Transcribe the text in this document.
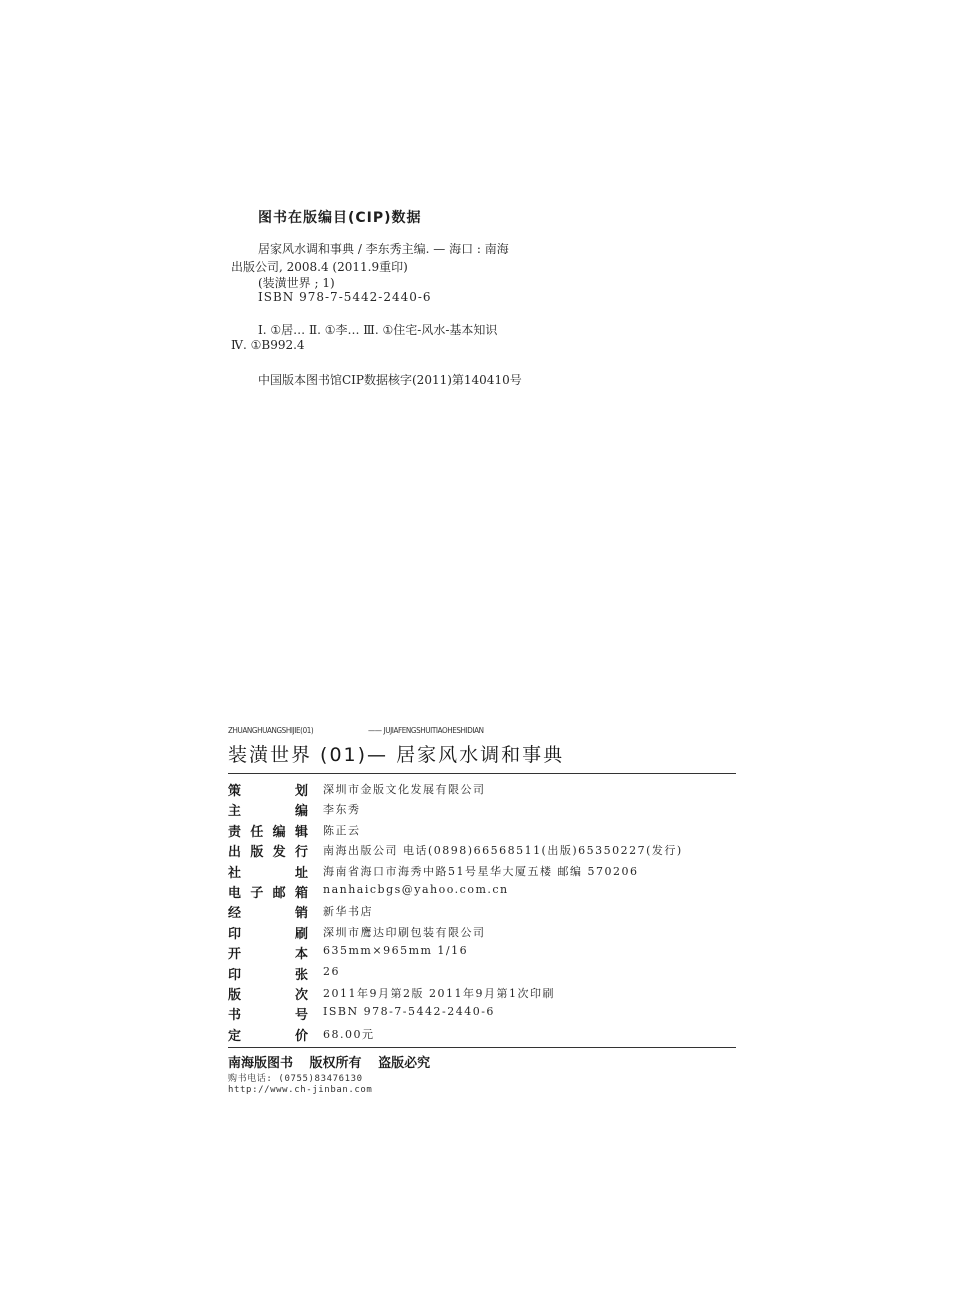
图书在版编目(CIP)数据
居家风水调和事典 / 李东秀主编. — 海口 : 南海
出版公司, 2008.4 (2011.9重印)
(装潢世界 ; 1)
ISBN 978-7-5442-2440-6
Ⅰ. ①居… Ⅱ. ①李… Ⅲ. ①住宅-风水-基本知识
Ⅳ. ①B992.4
中国版本图书馆CIP数据核字(2011)第140410号
ZHUANGHUANGSHIJIE(01)	—— JUJIAFENGSHUITIAOHESHIDIAN
装潢世界 (01)— 居家风水调和事典
策划 深圳市金版文化发展有限公司
主编 李东秀
责任编辑 陈正云
出版发行 南海出版公司 电话(0898)66568511(出版)65350227(发行)
社址 海南省海口市海秀中路51号星华大厦五楼 邮编 570206
电子邮箱 nanhaicbgs@yahoo.com.cn
经销 新华书店
印刷 深圳市鹰达印刷包装有限公司
开本 635mm×965mm 1/16
印张 26
版次 2011年9月第2版 2011年9月第1次印刷
书号 ISBN 978-7-5442-2440-6
定价 68.00元
南海版图书 版权所有 盗版必究
购书电话: (0755)83476130
http://www.ch-jinban.com
